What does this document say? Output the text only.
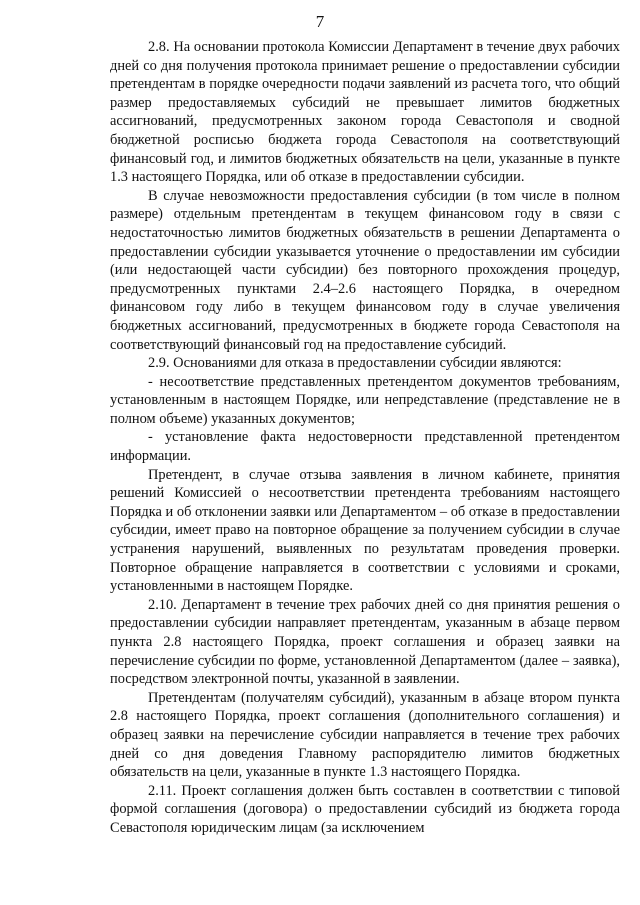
7

2.8. На основании протокола Комиссии Департамент в течение двух рабочих дней со дня получения протокола принимает решение о предоставлении субсидии претендентам в порядке очередности подачи заявлений из расчета того, что общий размер предоставляемых субсидий не превышает лимитов бюджетных ассигнований, предусмотренных законом города Севастополя и сводной бюджетной росписью бюджета города Севастополя на соответствующий финансовый год, и лимитов бюджетных обязательств на цели, указанные в пункте 1.3 настоящего Порядка, или об отказе в предоставлении субсидии.

В случае невозможности предоставления субсидии (в том числе в полном размере) отдельным претендентам в текущем финансовом году в связи с недостаточностью лимитов бюджетных обязательств в решении Департамента о предоставлении субсидии указывается уточнение о предоставлении им субсидии (или недостающей части субсидии) без повторного прохождения процедур, предусмотренных пунктами 2.4–2.6 настоящего Порядка, в очередном финансовом году либо в текущем финансовом году в случае увеличения бюджетных ассигнований, предусмотренных в бюджете города Севастополя на соответствующий финансовый год на предоставление субсидий.

2.9. Основаниями для отказа в предоставлении субсидии являются:

- несоответствие представленных претендентом документов требованиям, установленным в настоящем Порядке, или непредставление (представление не в полном объеме) указанных документов;

- установление факта недостоверности представленной претендентом информации.

Претендент, в случае отзыва заявления в личном кабинете, принятия решений Комиссией о несоответствии претендента требованиям настоящего Порядка и об отклонении заявки или Департаментом – об отказе в предоставлении субсидии, имеет право на повторное обращение за получением субсидии в случае устранения нарушений, выявленных по результатам проведения проверки. Повторное обращение направляется в соответствии с условиями и сроками, установленными в настоящем Порядке.

2.10. Департамент в течение трех рабочих дней со дня принятия решения о предоставлении субсидии направляет претендентам, указанным в абзаце первом пункта 2.8 настоящего Порядка, проект соглашения и образец заявки на перечисление субсидии по форме, установленной Департаментом (далее – заявка), посредством электронной почты, указанной в заявлении.

Претендентам (получателям субсидий), указанным в абзаце втором пункта 2.8 настоящего Порядка, проект соглашения (дополнительного соглашения) и образец заявки на перечисление субсидии направляется в течение трех рабочих дней со дня доведения Главному распорядителю лимитов бюджетных обязательств на цели, указанные в пункте 1.3 настоящего Порядка.

2.11. Проект соглашения должен быть составлен в соответствии с типовой формой соглашения (договора) о предоставлении субсидий из бюджета города Севастополя юридическим лицам (за исключением
